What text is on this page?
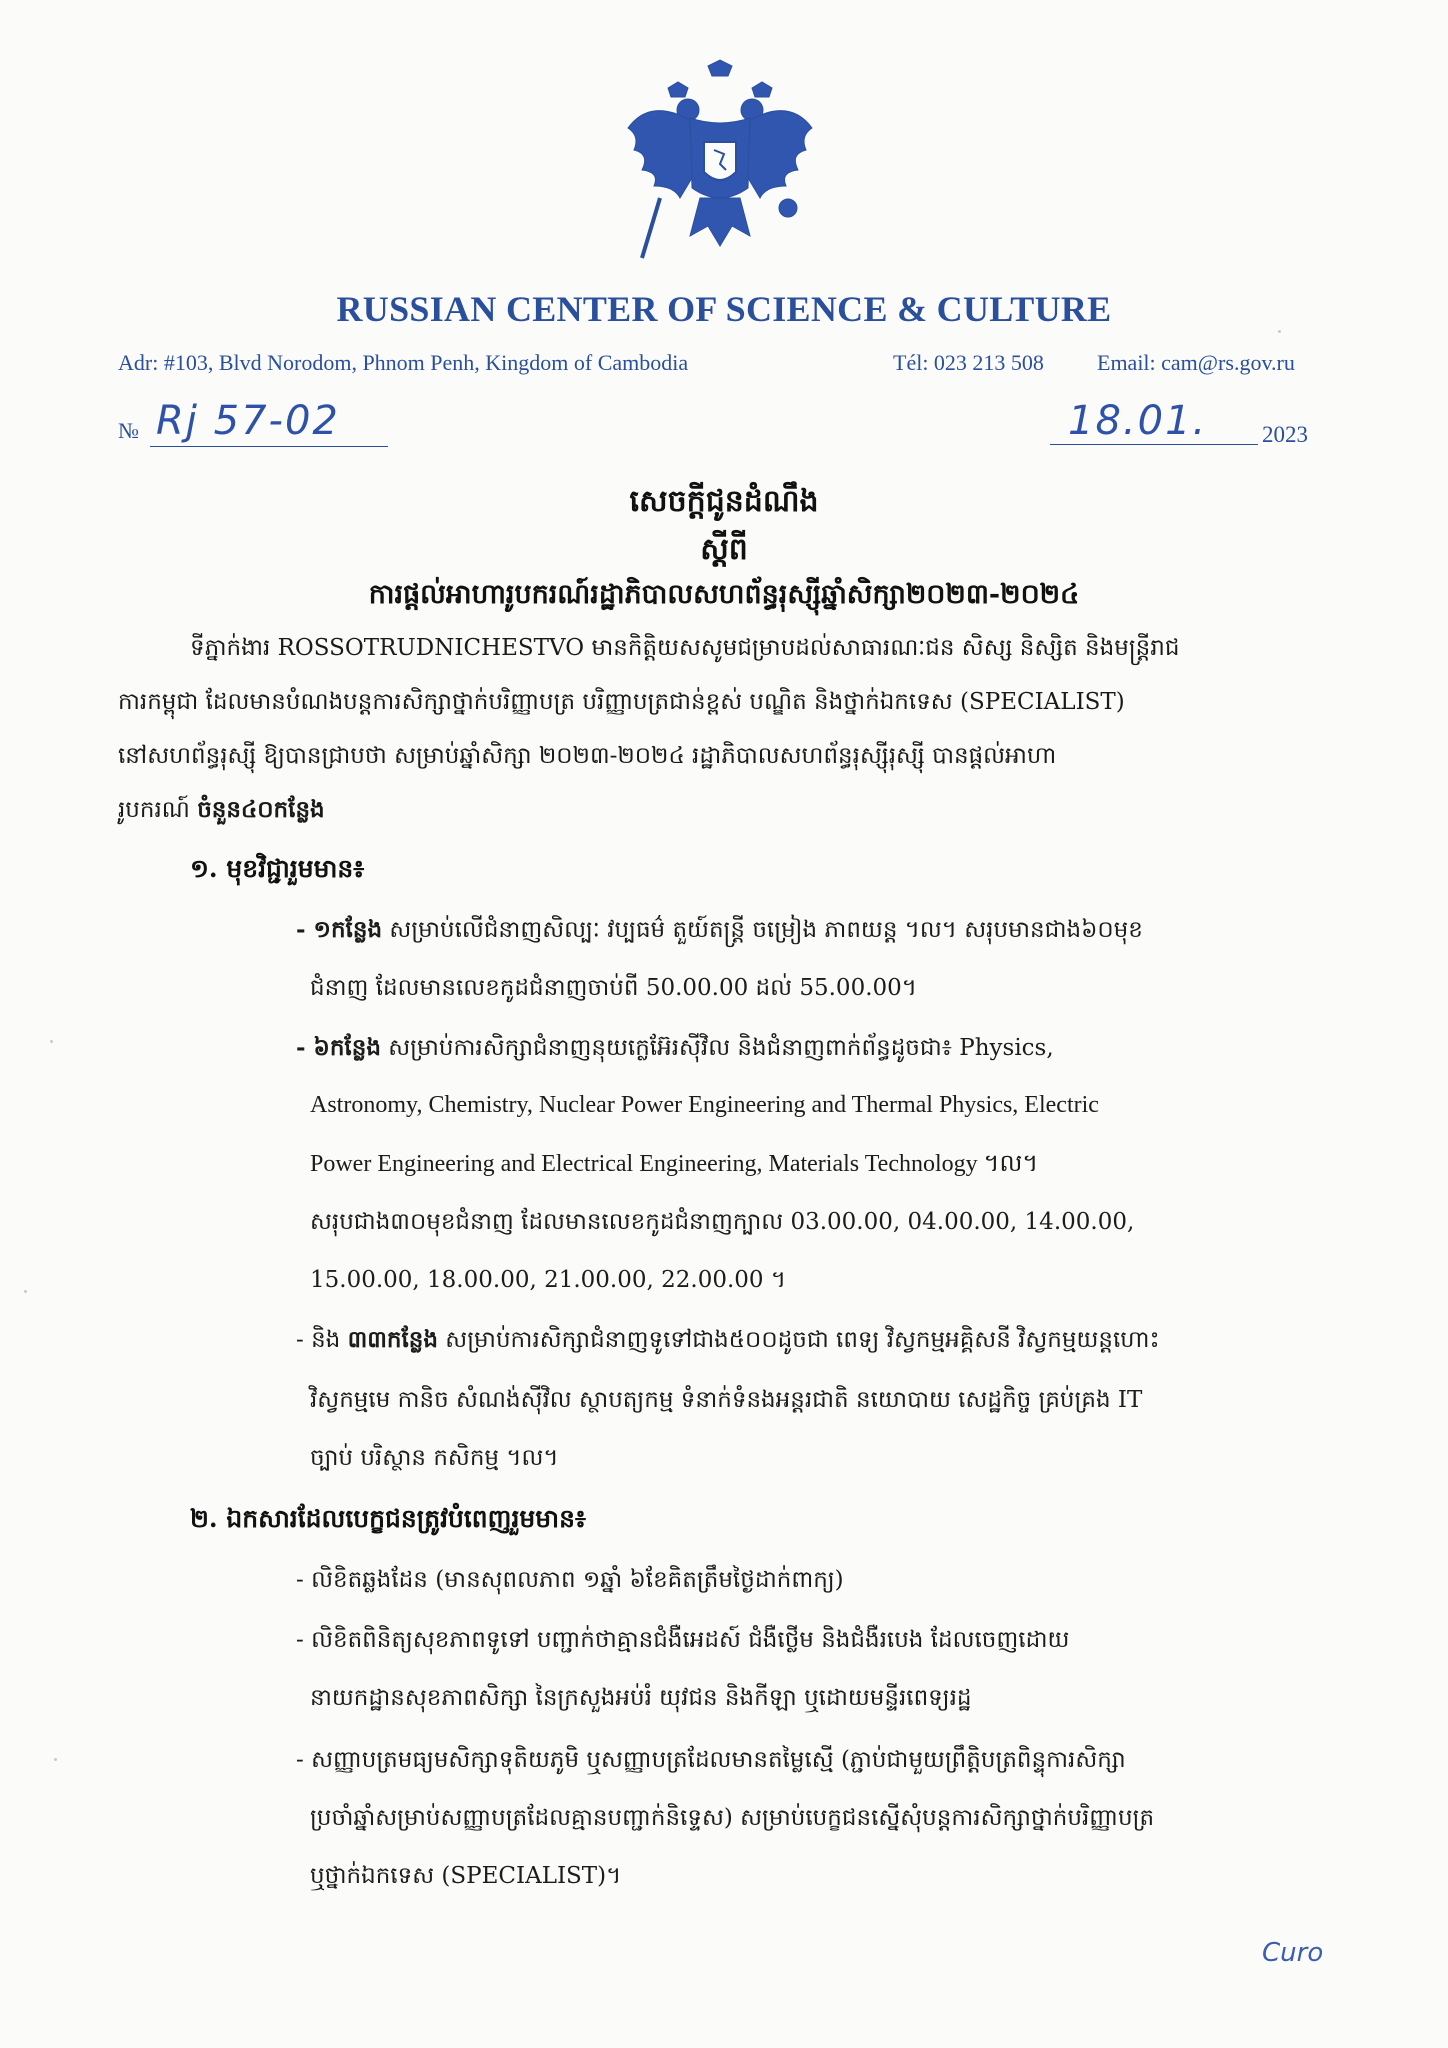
RUSSIAN CENTER OF SCIENCE & CULTURE
Adr: #103, Blvd Norodom, Phnom Penh, Kingdom of Cambodia	Tél: 023 213 508 Email: cam@rs.gov.ru
№ Rj 57-02	18.01. 2023
សេចក្តីជូនដំណឹង
ស្តីពី
ការផ្តល់អាហារូបករណ៍រដ្ឋាភិបាលសហព័ន្ធរុស្ស៊ីឆ្នាំសិក្សា២០២៣-២០២៤
ទីភ្នាក់ងារ ROSSOTRUDNICHESTVO មានកិត្តិយសសូមជម្រាបដល់សាធារណៈជន សិស្ស និស្សិត និងមន្ត្រីរាជ
ការកម្ពុជា ដែលមានបំណងបន្តការសិក្សាថ្នាក់បរិញ្ញាបត្រ បរិញ្ញាបត្រជាន់ខ្ពស់ បណ្ឌិត និងថ្នាក់ឯកទេស (SPECIALIST)
នៅសហព័ន្ធរុស្ស៊ី ឱ្យបានជ្រាបថា សម្រាប់ឆ្នាំសិក្សា ២០២៣-២០២៤ រដ្ឋាភិបាលសហព័ន្ធរុស្ស៊ីរុស្ស៊ី បានផ្តល់អាហា
រូបករណ៍ ចំនួន៤០កន្លែង
១. មុខវិជ្ជារួមមាន៖
- ១កន្លែង សម្រាប់លើជំនាញសិល្បៈ វប្បធម៌ តួយ៍តន្ត្រី ចម្រៀង ភាពយន្ត ។ល។ សរុបមានជាង៦០មុខ
ជំនាញ ដែលមានលេខកូដជំនាញចាប់ពី 50.00.00 ដល់ 55.00.00។
- ៦កន្លែង សម្រាប់ការសិក្សាជំនាញនុយក្លេអ៊ែរស៊ីវិល និងជំនាញពាក់ព័ន្ធដូចជា៖ Physics,
Astronomy, Chemistry, Nuclear Power Engineering and Thermal Physics, Electric
Power Engineering and Electrical Engineering, Materials Technology ។ល។
សរុបជាង៣០មុខជំនាញ ដែលមានលេខកូដជំនាញក្បាល 03.00.00, 04.00.00, 14.00.00,
15.00.00, 18.00.00, 21.00.00, 22.00.00 ។
- និង ៣៣កន្លែង សម្រាប់ការសិក្សាជំនាញទូទៅជាង៥០០ដូចជា ពេទ្យ វិស្វកម្មអគ្គិសនី វិស្វកម្មយន្តហោះ
វិស្វកម្មមេ កានិច សំណង់ស៊ីវិល ស្ថាបត្យកម្ម ទំនាក់ទំនងអន្តរជាតិ នយោបាយ សេដ្ឋកិច្ច គ្រប់គ្រង IT
ច្បាប់ បរិស្ថាន កសិកម្ម ។ល។
២. ឯកសារដែលបេក្ខជនត្រូវបំពេញរួមមាន៖
- លិខិតឆ្លងដែន (មានសុពលភាព ១ឆ្នាំ ៦ខែគិតត្រឹមថ្ងៃដាក់ពាក្យ)
- លិខិតពិនិត្យសុខភាពទូទៅ បញ្ជាក់ថាគ្មានជំងឺអេដស៍ ជំងឺថ្លើម និងជំងឺរបេង ដែលចេញដោយ
នាយកដ្ឋានសុខភាពសិក្សា នៃក្រសួងអប់រំ យុវជន និងកីឡា ឬដោយមន្ទីរពេទ្យរដ្ឋ
- សញ្ញាបត្រមធ្យមសិក្សាទុតិយភូមិ ឬសញ្ញាបត្រដែលមានតម្លៃស្មើ (ភ្ជាប់ជាមួយព្រឹត្តិបត្រពិន្ទុការសិក្សា
ប្រចាំឆ្នាំសម្រាប់សញ្ញាបត្រដែលគ្មានបញ្ជាក់និទ្ទេស) សម្រាប់បេក្ខជនស្នើសុំបន្តការសិក្សាថ្នាក់បរិញ្ញាបត្រ
ឬថ្នាក់ឯកទេស (SPECIALIST)។
Curo
